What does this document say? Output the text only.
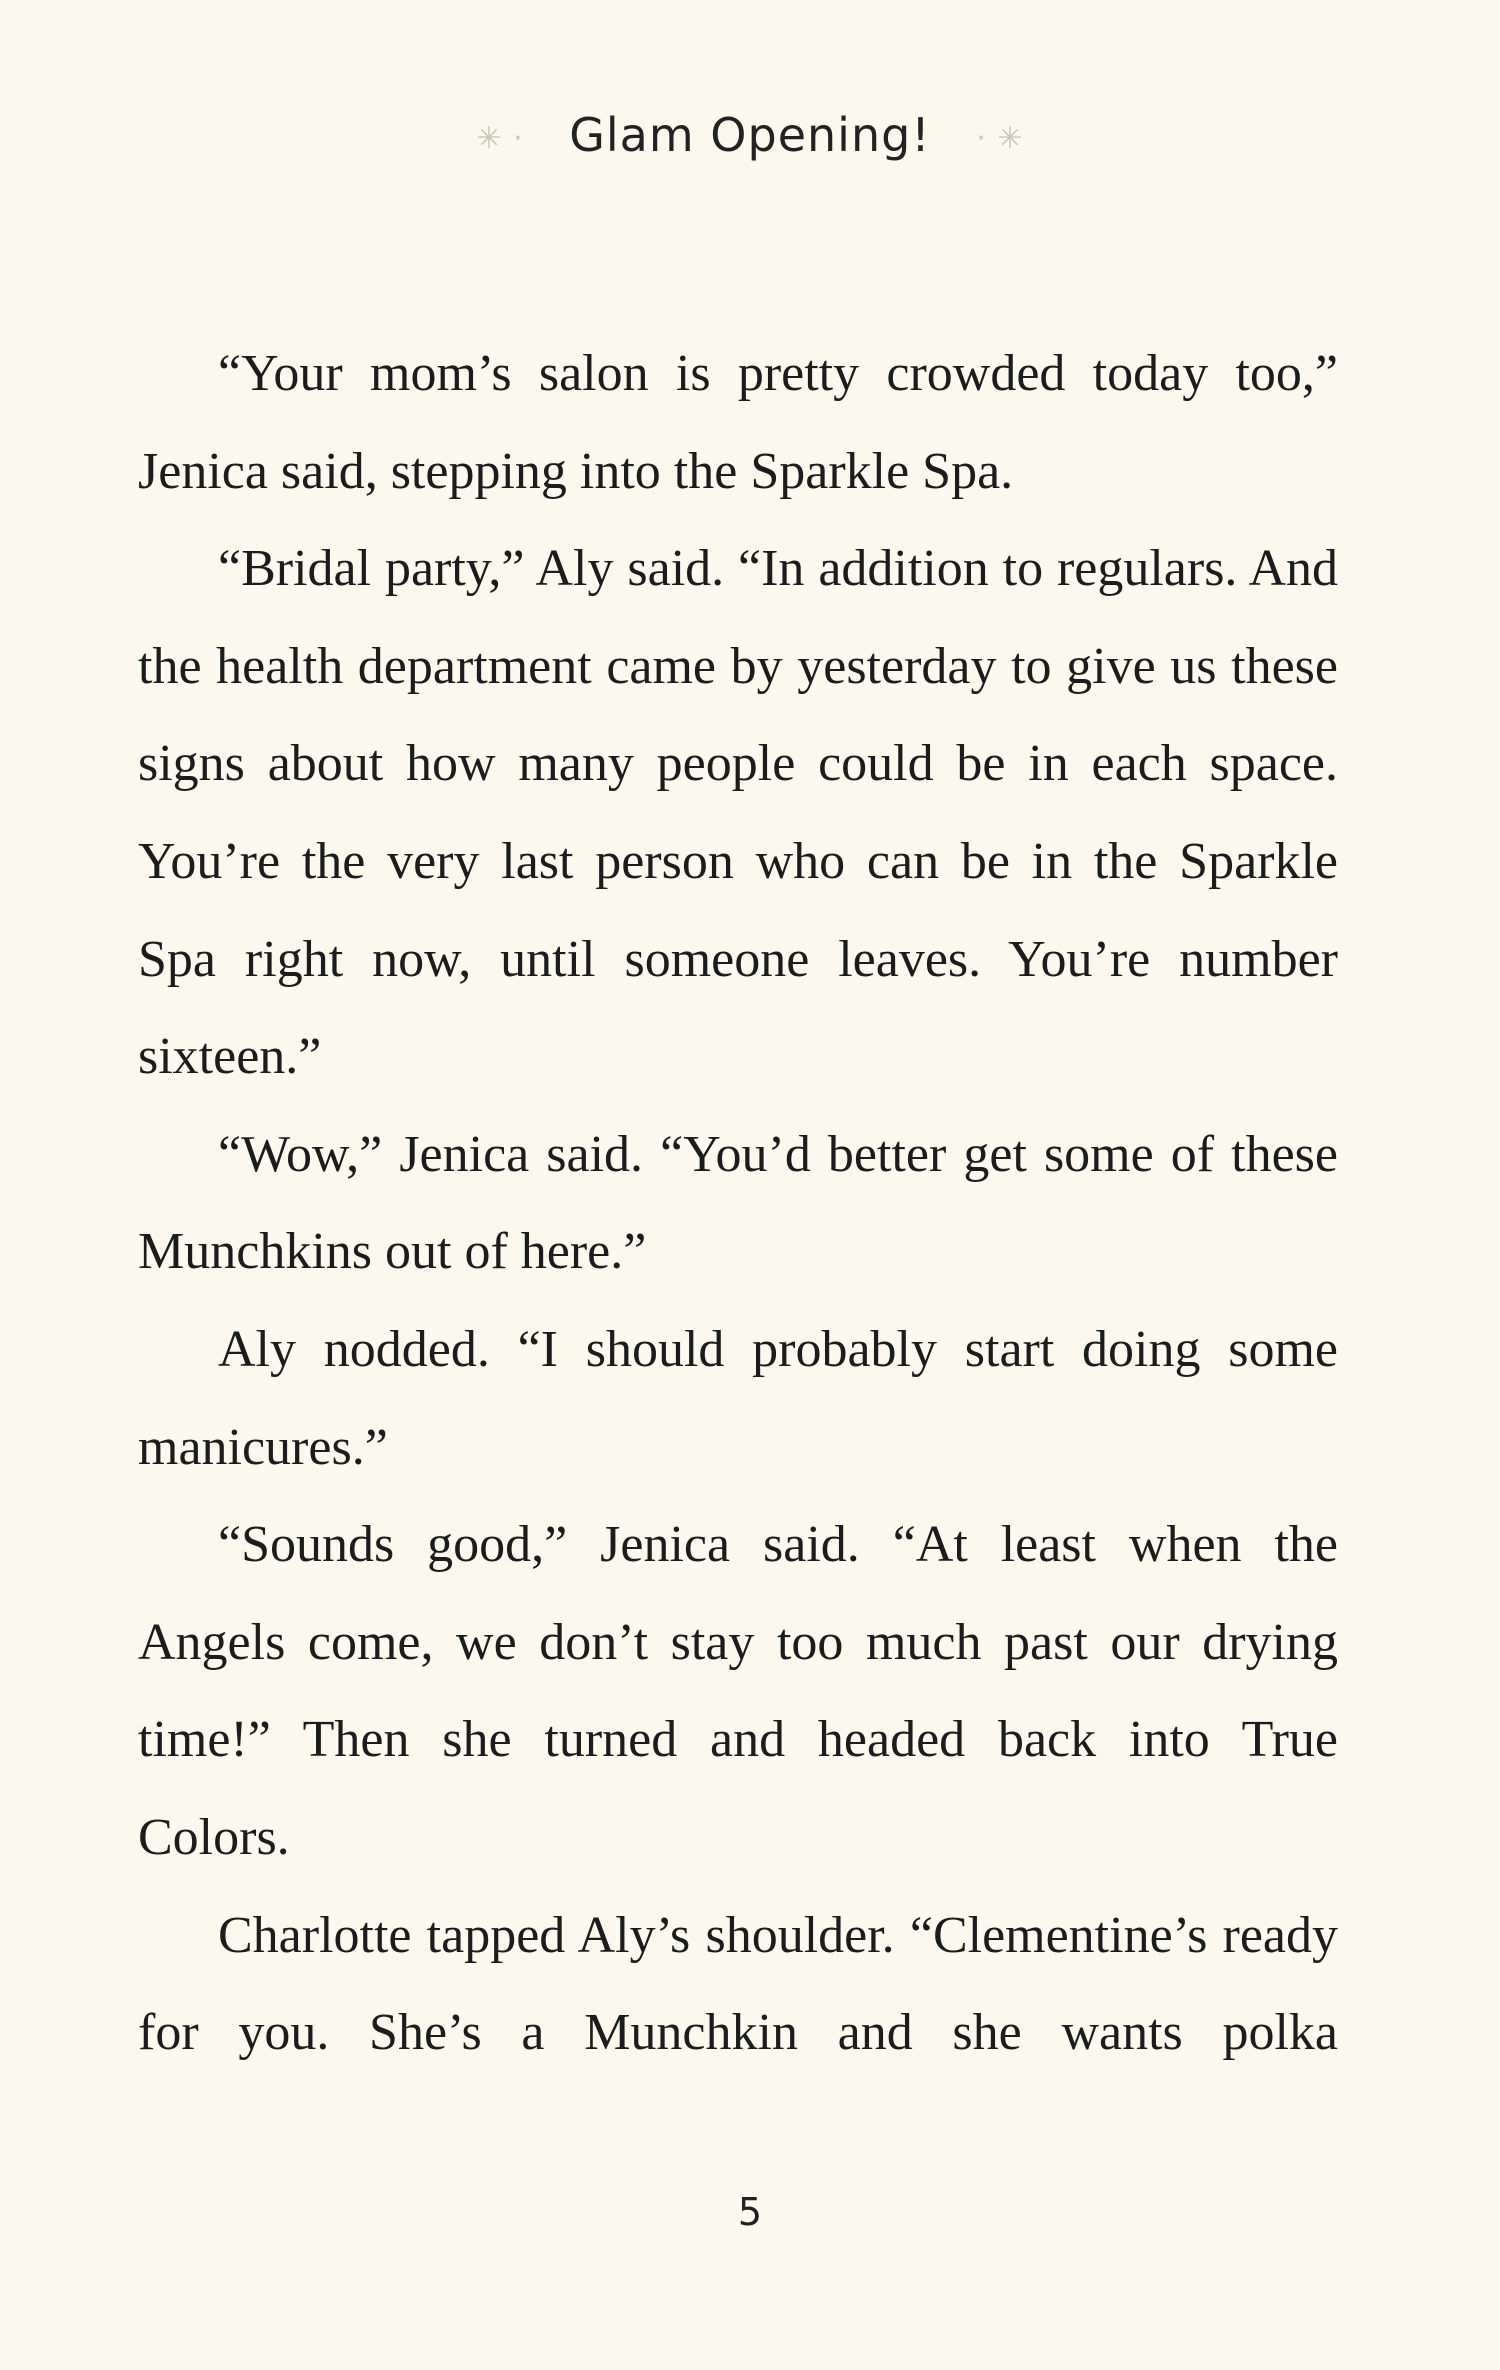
✳ · Glam Opening! · ✳

“Your mom’s salon is pretty crowded today too,” Jenica said, stepping into the Sparkle Spa.

“Bridal party,” Aly said. “In addition to regulars. And the health department came by yesterday to give us these signs about how many people could be in each space. You’re the very last person who can be in the Sparkle Spa right now, until someone leaves. You’re number sixteen.”

“Wow,” Jenica said. “You’d better get some of these Munchkins out of here.”

Aly nodded. “I should probably start doing some manicures.”

“Sounds good,” Jenica said. “At least when the Angels come, we don’t stay too much past our drying time!” Then she turned and headed back into True Colors.

Charlotte tapped Aly’s shoulder. “Clementine’s ready for you. She’s a Munchkin and she wants polka

5
